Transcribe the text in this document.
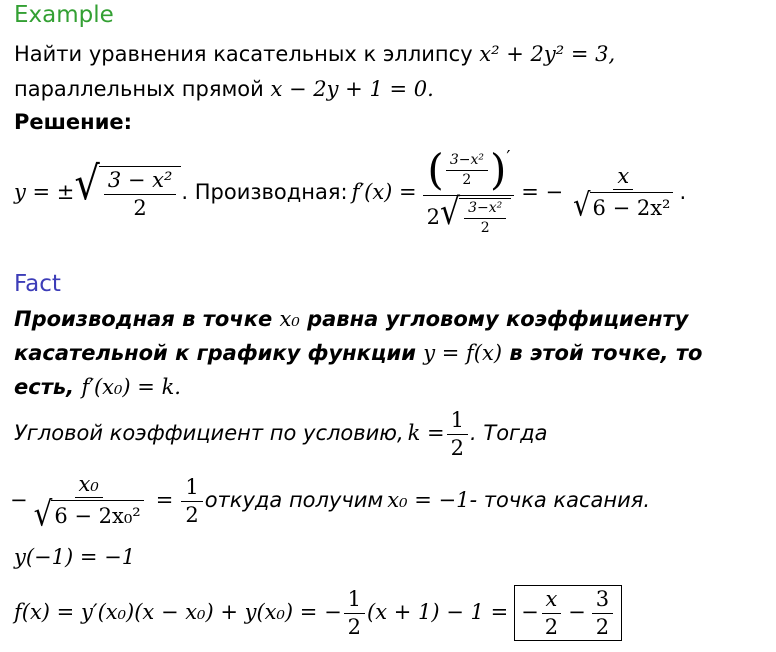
Example
Найти уравнения касательных к эллипсу x² + 2y² = 3,
параллельных прямой x − 2y + 1 = 0.
Решение:
y = ± √ $\frac{\text{3 − x²}}{2}$ . Производная: f′(x) = ( $\frac{\text{3−x²}}{2}$ ) ′
2 √ $\frac{\text{3−x²}}{2}$
= − $\frac{x}{\text{√ 6 − 2x²}}$ .
Fact
Производная в точке x₀ равна угловому коэффициенту
касательной к графику функции y = f(x) в этой точке, то
есть, f′(x₀) = k.
Угловой коэффициент по условию, $k = \frac{1}{2}$ . Тогда
− $\frac{\text{x₀}}{\text{√ 6 − 2x₀²}} = \frac{1}{2}$ откуда получим x₀ = −1 - точка касания.
y(−1) = −1
f(x) = y′(x₀)(x − x₀) + y(x₀) = − $\frac{1}{2} (x + 1) - 1$ = − $\frac{x}{2} - \frac{3}{2}$
